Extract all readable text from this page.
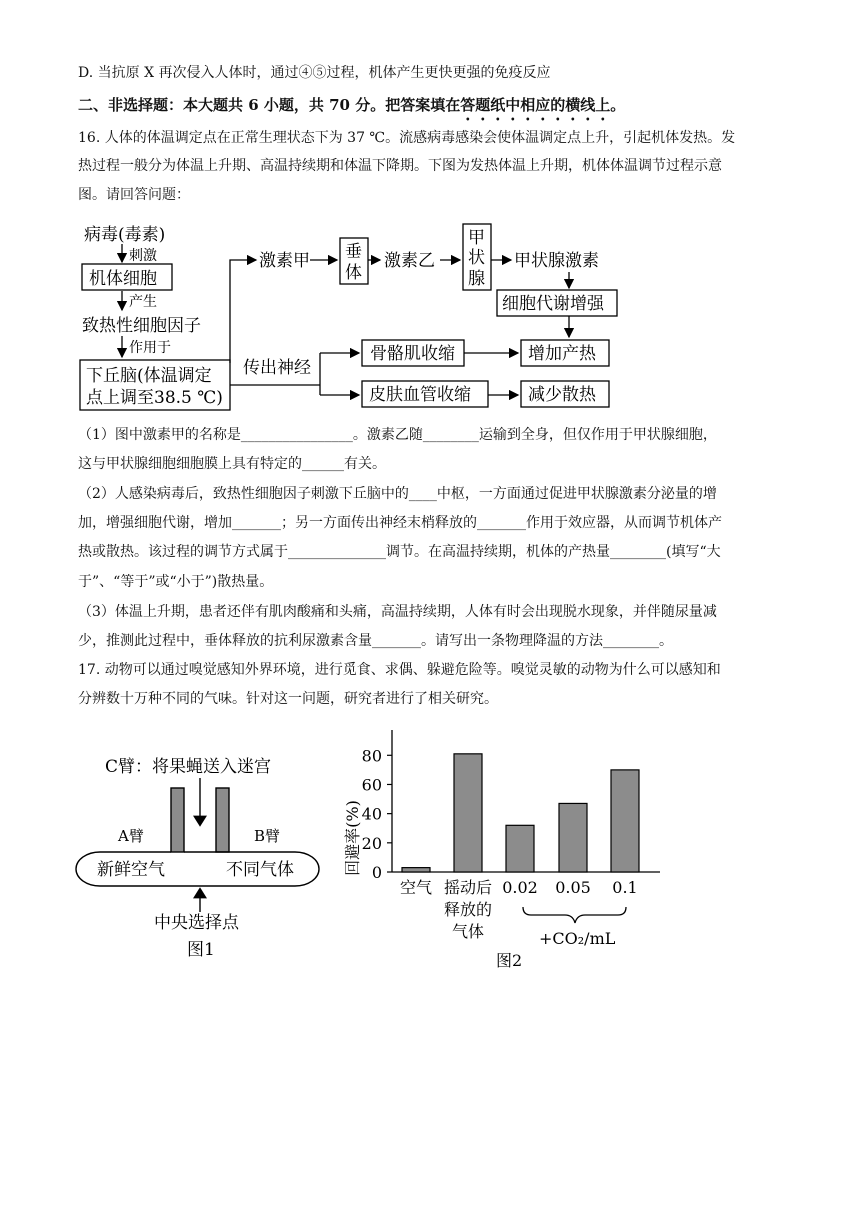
D. 当抗原 X 再次侵入人体时，通过④⑤过程，机体产生更快更强的免疫反应
二、非选择题：本大题共 6 小题，共 70 分。把答案填在答题纸中相应的横线上。
16. 人体的体温调定点在正常生理状态下为 37 ℃。流感病毒感染会使体温调定点上升，引起机体发热。发
热过程一般分为体温上升期、高温持续期和体温下降期。下图为发热体温上升期，机体体温调节过程示意
图。请回答问题：
病毒(毒素)
刺激
机体细胞
产生
致热性细胞因子
作用于
下丘脑(体温调定
点上调至38.5 ℃)
激素甲 垂
体
激素乙
甲
状
腺
甲状腺激素
细胞代谢增强
传出神经
骨骼肌收缩	增加产热
皮肤血管收缩	减少散热
（1）图中激素甲的名称是________________。激素乙随________运输到全身，但仅作用于甲状腺细胞，
这与甲状腺细胞细胞膜上具有特定的______有关。
（2）人感染病毒后，致热性细胞因子刺激下丘脑中的____中枢，一方面通过促进甲状腺激素分泌量的增
加，增强细胞代谢，增加_______；另一方面传出神经末梢释放的_______作用于效应器，从而调节机体产
热或散热。该过程的调节方式属于______________调节。在高温持续期，机体的产热量________(填写“大
于”、“等于”或“小于”)散热量。
（3）体温上升期，患者还伴有肌肉酸痛和头痛，高温持续期，人体有时会出现脱水现象，并伴随尿量减
少，推测此过程中，垂体释放的抗利尿激素含量_______。请写出一条物理降温的方法________。
17. 动物可以通过嗅觉感知外界环境，进行觅食、求偶、躲避危险等。嗅觉灵敏的动物为什么可以感知和
分辨数十万种不同的气味。针对这一问题，研究者进行了相关研究。
C臂：将果蝇送入迷宫
A臂	B臂
新鲜空气	不同气体
中央选择点
图1
回避率(%)
+CO₂/mL
图2
0
20
40
60
80
空气 摇动后
释放的
气体
0.02 0.05 0.1
